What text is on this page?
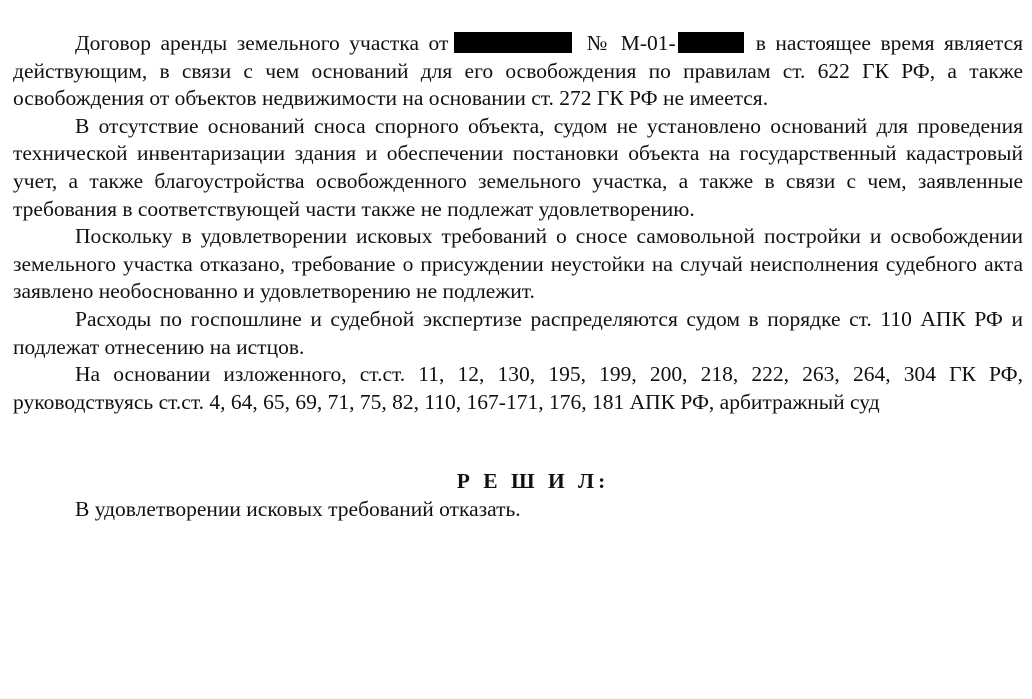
Договор аренды земельного участка от	№ М-01-	в настоящее время является действующим, в связи с чем оснований для его освобождения по правилам ст. 622 ГК РФ, а также освобождения от объектов недвижимости на основании ст. 272 ГК РФ не имеется.

В отсутствие оснований сноса спорного объекта, судом не установлено оснований для проведения технической инвентаризации здания и обеспечении постановки объекта на государственный кадастровый учет, а также благоустройства освобожденного земельного участка, а также в связи с чем, заявленные требования в соответствующей части также не подлежат удовлетворению.

Поскольку в удовлетворении исковых требований о сносе самовольной постройки и освобождении земельного участка отказано, требование о присуждении неустойки на случай неисполнения судебного акта заявлено необоснованно и удовлетворению не подлежит.

Расходы по госпошлине и судебной экспертизе распределяются судом в порядке ст. 110 АПК РФ и подлежат отнесению на истцов.

На основании изложенного, ст.ст. 11, 12, 130, 195, 199, 200, 218, 222, 263, 264, 304 ГК РФ, руководствуясь ст.ст. 4, 64, 65, 69, 71, 75, 82, 110, 167-171, 176, 181 АПК РФ, арбитражный суд

Р Е Ш И Л:

В удовлетворении исковых требований отказать.
